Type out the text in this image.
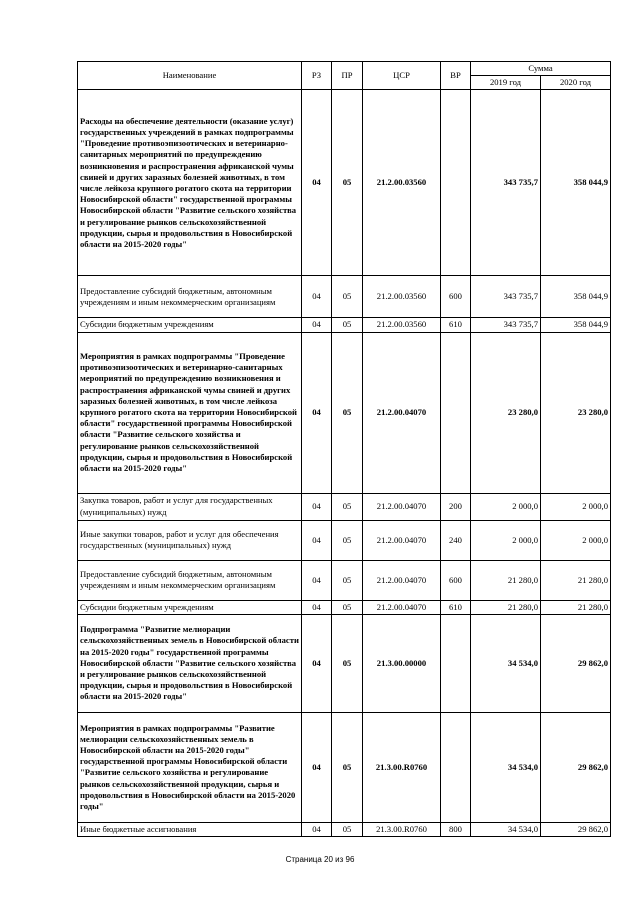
Наименование	РЗ	ПР	ЦСР	ВР	Сумма	
					2019 год	2020 год
Расходы на обеспечение деятельности (оказание услуг) государственных учреждений в рамках подпрограммы "Проведение противоэпизоотических и ветеринарно-санитарных мероприятий по предупреждению возникновения и распространения африканской чумы свиней и других заразных болезней животных, в том числе лейкоза крупного рогатого скота на территории Новосибирской области" государственной программы Новосибирской области "Развитие сельского хозяйства и регулирование рынков сельскохозяйственной продукции, сырья и продовольствия в Новосибирской области на 2015-2020 годы"	04	05	21.2.00.03560		343 735,7	358 044,9
Предоставление субсидий бюджетным, автономным учреждениям и иным некоммерческим организациям	04	05	21.2.00.03560	600	343 735,7	358 044,9
Субсидии бюджетным учреждениям	04	05	21.2.00.03560	610	343 735,7	358 044,9
Мероприятия в рамках подпрограммы "Проведение противоэпизоотических и ветеринарно-санитарных мероприятий по предупреждению возникновения и распространения африканской чумы свиней и других заразных болезней животных, в том числе лейкоза крупного рогатого скота на территории Новосибирской области" государственной программы Новосибирской области "Развитие сельского хозяйства и регулирование рынков сельскохозяйственной продукции, сырья и продовольствия в Новосибирской области на 2015-2020 годы"	04	05	21.2.00.04070		23 280,0	23 280,0
Закупка товаров, работ и услуг для государственных (муниципальных) нужд	04	05	21.2.00.04070	200	2 000,0	2 000,0
Иные закупки товаров, работ и услуг для обеспечения государственных (муниципальных) нужд	04	05	21.2.00.04070	240	2 000,0	2 000,0
Предоставление субсидий бюджетным, автономным учреждениям и иным некоммерческим организациям	04	05	21.2.00.04070	600	21 280,0	21 280,0
Субсидии бюджетным учреждениям	04	05	21.2.00.04070	610	21 280,0	21 280,0
Подпрограмма "Развитие мелиорации сельскохозяйственных земель в Новосибирской области на 2015-2020 годы" государственной программы Новосибирской области "Развитие сельского хозяйства и регулирование рынков сельскохозяйственной продукции, сырья и продовольствия в Новосибирской области на 2015-2020 годы"	04	05	21.3.00.00000		34 534,0	29 862,0
Мероприятия в рамках подпрограммы "Развитие мелиорации сельскохозяйственных земель в Новосибирской области на 2015-2020 годы" государственной программы Новосибирской области "Развитие сельского хозяйства и регулирование рынков сельскохозяйственной продукции, сырья и продовольствия в Новосибирской области на 2015-2020 годы"	04	05	21.3.00.R0760		34 534,0	29 862,0
Иные бюджетные ассигнования	04	05	21.3.00.R0760	800	34 534,0	29 862,0
Страница 20 из 96
